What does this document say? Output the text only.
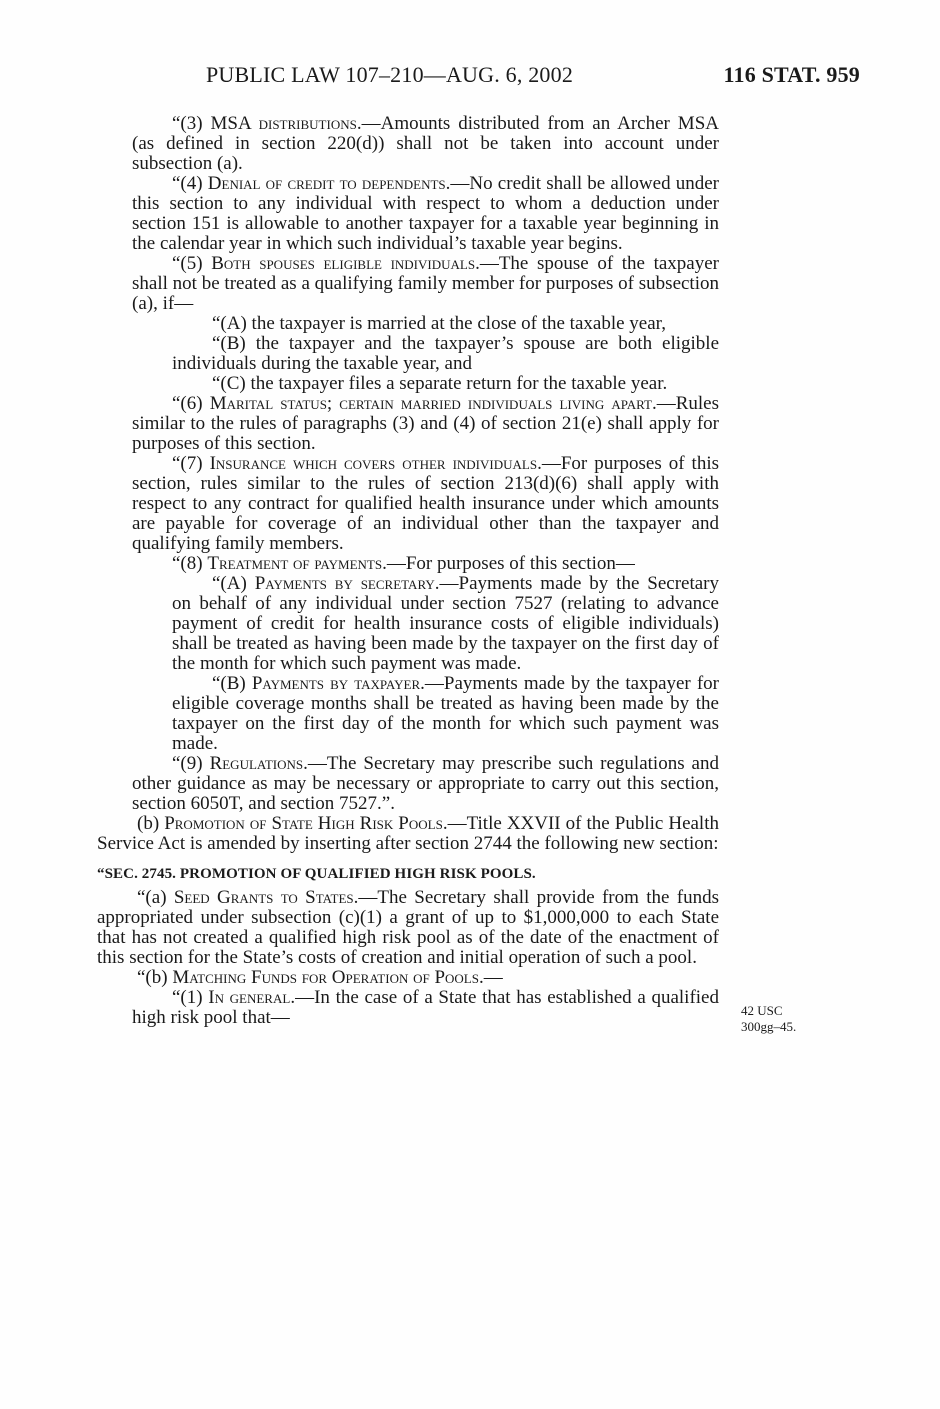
PUBLIC LAW 107–210—AUG. 6, 2002	116 STAT. 959

“(3) MSA distributions.—Amounts distributed from an Archer MSA (as defined in section 220(d)) shall not be taken into account under subsection (a).

“(4) Denial of credit to dependents.—No credit shall be allowed under this section to any individual with respect to whom a deduction under section 151 is allowable to another taxpayer for a taxable year beginning in the calendar year in which such individual’s taxable year begins.

“(5) Both spouses eligible individuals.—The spouse of the taxpayer shall not be treated as a qualifying family member for purposes of subsection (a), if—

“(A) the taxpayer is married at the close of the taxable year,

“(B) the taxpayer and the taxpayer’s spouse are both eligible individuals during the taxable year, and

“(C) the taxpayer files a separate return for the taxable year.

“(6) Marital status; certain married individuals living apart.—Rules similar to the rules of paragraphs (3) and (4) of section 21(e) shall apply for purposes of this section.

“(7) Insurance which covers other individuals.—For purposes of this section, rules similar to the rules of section 213(d)(6) shall apply with respect to any contract for qualified health insurance under which amounts are payable for coverage of an individual other than the taxpayer and qualifying family members.

“(8) Treatment of payments.—For purposes of this section—

“(A) Payments by secretary.—Payments made by the Secretary on behalf of any individual under section 7527 (relating to advance payment of credit for health insurance costs of eligible individuals) shall be treated as having been made by the taxpayer on the first day of the month for which such payment was made.

“(B) Payments by taxpayer.—Payments made by the taxpayer for eligible coverage months shall be treated as having been made by the taxpayer on the first day of the month for which such payment was made.

“(9) Regulations.—The Secretary may prescribe such regulations and other guidance as may be necessary or appropriate to carry out this section, section 6050T, and section 7527.”.

(b) Promotion of State High Risk Pools.—Title XXVII of the Public Health Service Act is amended by inserting after section 2744 the following new section:

“SEC. 2745. PROMOTION OF QUALIFIED HIGH RISK POOLS.

“(a) Seed Grants to States.—The Secretary shall provide from the funds appropriated under subsection (c)(1) a grant of up to $1,000,000 to each State that has not created a qualified high risk pool as of the date of the enactment of this section for the State’s costs of creation and initial operation of such a pool.

“(b) Matching Funds for Operation of Pools.—

“(1) In general.—In the case of a State that has established a qualified high risk pool that—	42 USC
300gg–45.
